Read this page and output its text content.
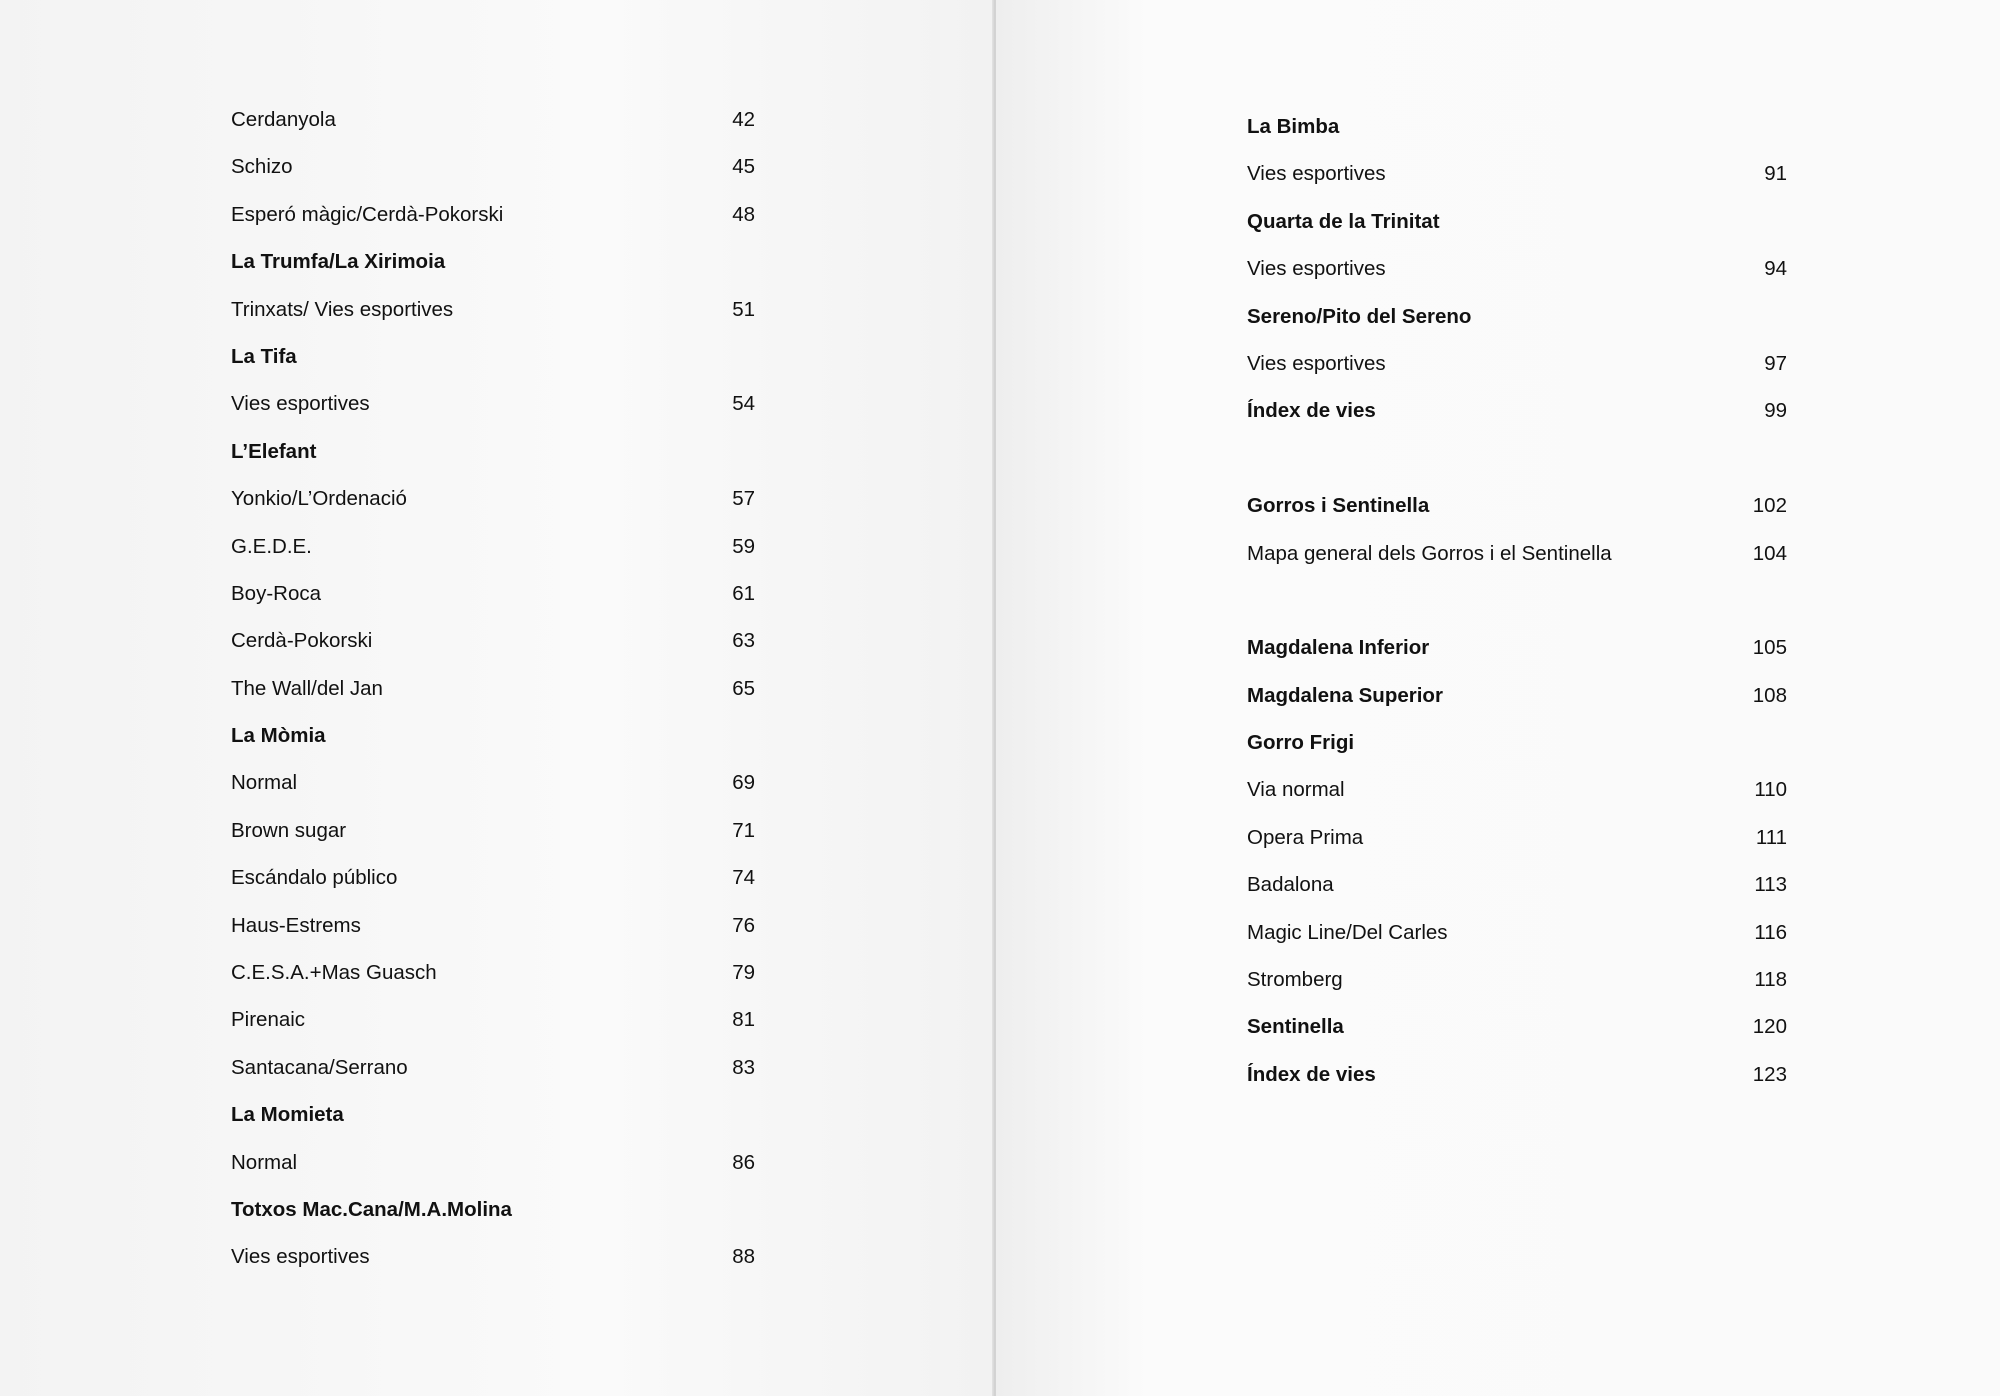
Cerdanyola	42
Schizo	45
Esperó màgic/Cerdà-Pokorski	48
La Trumfa/La Xirimoia
Trinxats/ Vies esportives	51
La Tifa
Vies esportives	54
L’Elefant
Yonkio/L’Ordenació	57
G.E.D.E.	59
Boy-Roca	61
Cerdà-Pokorski	63
The Wall/del Jan	65
La Mòmia
Normal	69
Brown sugar	71
Escándalo público	74
Haus-Estrems	76
C.E.S.A.+Mas Guasch	79
Pirenaic	81
Santacana/Serrano	83
La Momieta
Normal	86
Totxos Mac.Cana/M.A.Molina
Vies esportives	88
La Bimba
Vies esportives	91
Quarta de la Trinitat
Vies esportives	94
Sereno/Pito del Sereno
Vies esportives	97
Índex de vies	99
Gorros i Sentinella	102
Mapa general dels Gorros i el Sentinella	104
Magdalena Inferior	105
Magdalena Superior	108
Gorro Frigi
Via normal	110
Opera Prima	111
Badalona	113
Magic Line/Del Carles	116
Stromberg	118
Sentinella	120
Índex de vies	123
